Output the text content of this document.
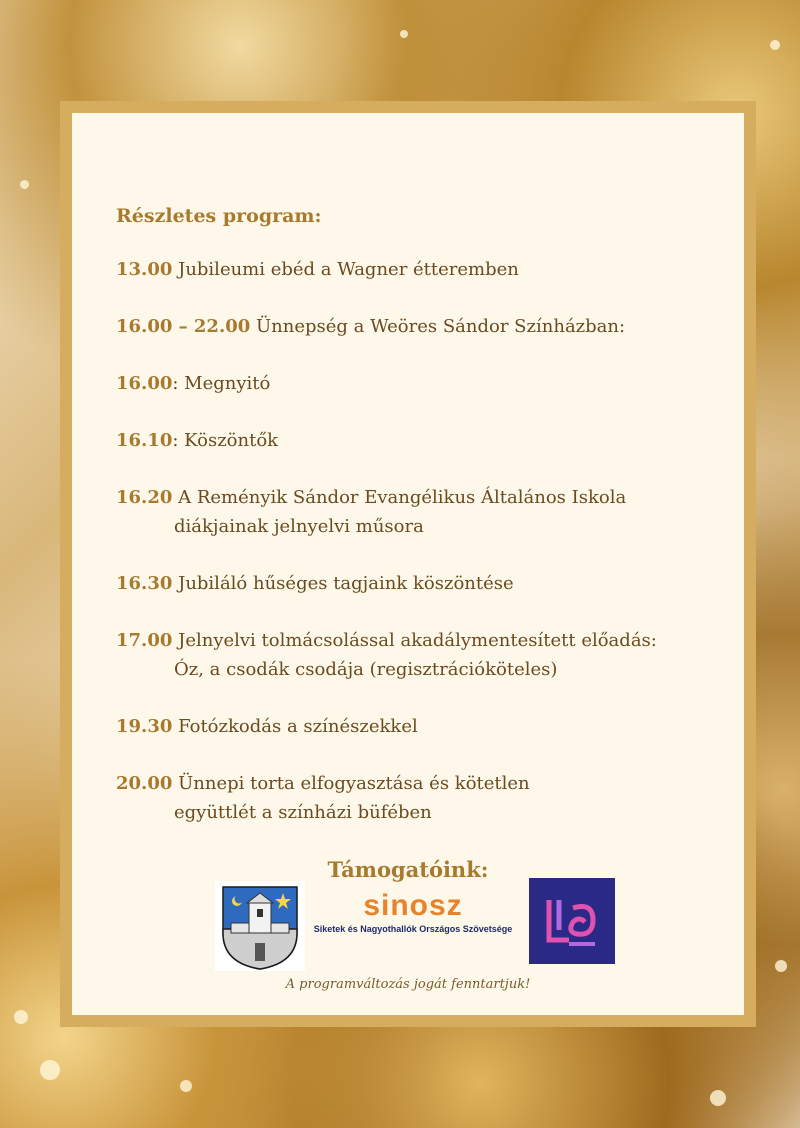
Részletes program:

13.00 Jubileumi ebéd a Wagner étteremben
16.00 – 22.00 Ünnepség a Weöres Sándor Színházban:
16.00: Megnyitó
16.10: Köszöntők
16.20 A Reményik Sándor Evangélikus Általános Iskola
diákjainak jelnyelvi műsora
16.30 Jubiláló hűséges tagjaink köszöntése
17.00 Jelnyelvi tolmácsolással akadálymentesített előadás:
Óz, a csodák csodája (regisztrációköteles)
19.30 Fotózkodás a színészekkel
20.00 Ünnepi torta elfogyasztása és kötetlen
együttlét a színházi büfében
Támogatóink:
sinosz
Siketek és Nagyothallók Országos Szövetsége
A programváltozás jogát fenntartjuk!
